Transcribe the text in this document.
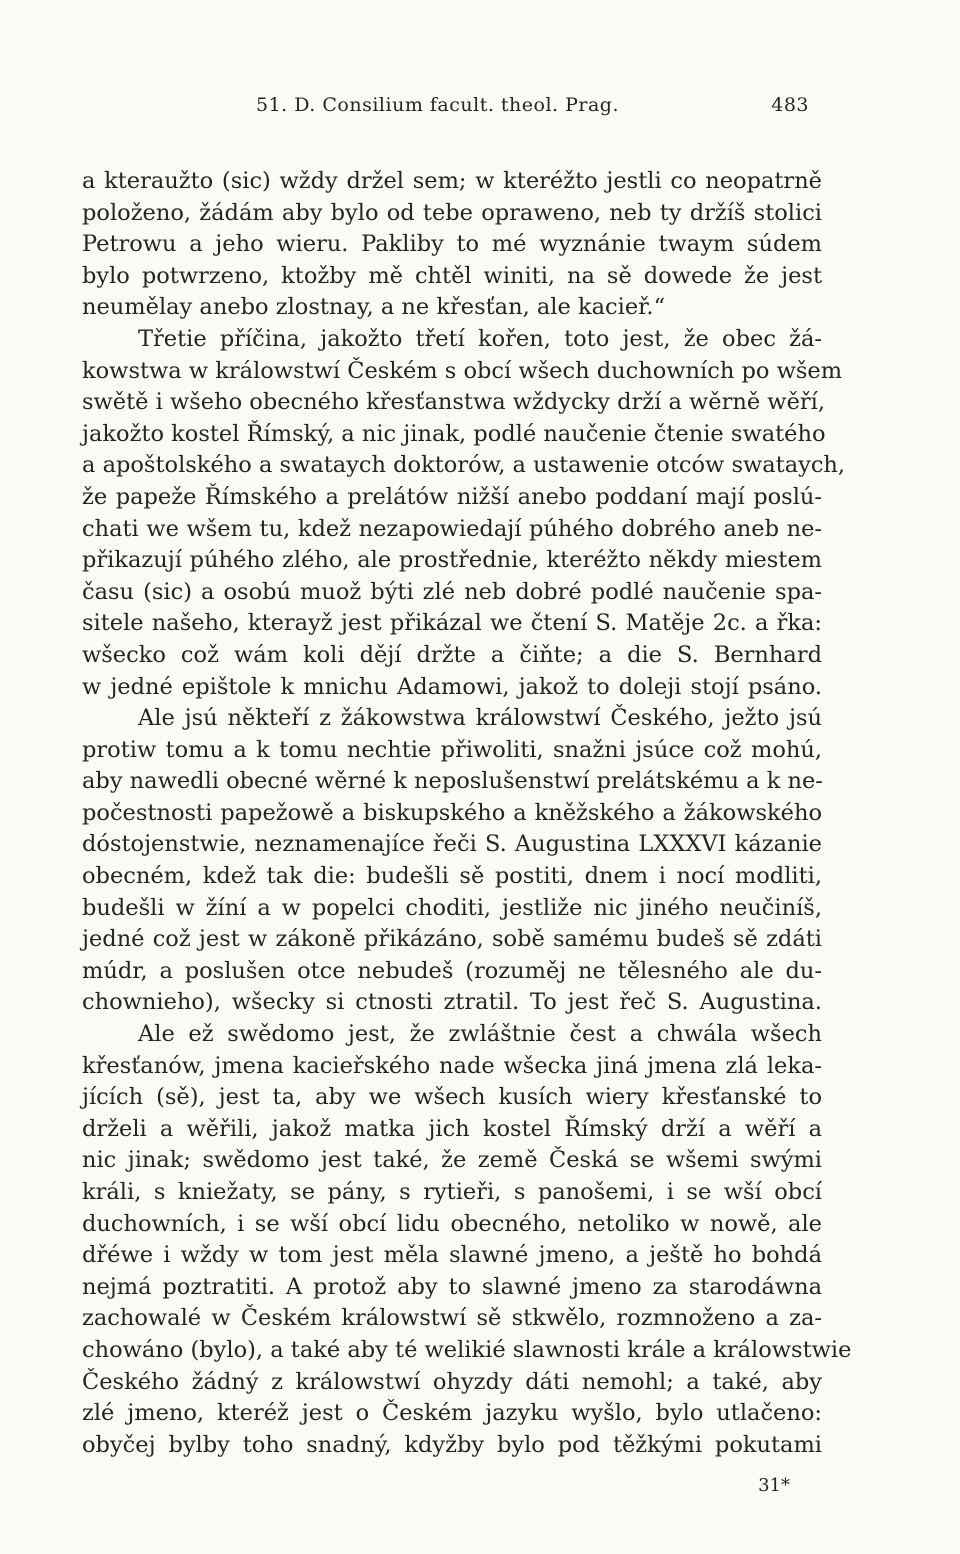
51. D. Consilium facult. theol. Prag.	483
a kteraužto (sic) wždy držel sem; w kteréžto jestli co neopatrně
položeno, žádám aby bylo od tebe opraweno, neb ty držíš stolici
Petrowu a jeho wieru. Pakliby to mé wyznánie twaym súdem
bylo potwrzeno, ktožby mě chtěl winiti, na sě dowede že jest
neumělay anebo zlostnay, a ne křesťan, ale kacieř.“
Třetie příčina, jakožto třetí kořen, toto jest, že obec žá-
kowstwa w králowstwí Českém s obcí wšech duchowních po wšem
swětě i wšeho obecného křesťanstwa wždycky drží a wěrně wěří,
jakožto kostel Římský, a nic jinak, podlé naučenie čtenie swatého
a apoštolského a swataych doktorów, a ustawenie otców swataych,
že papeže Římského a prelátów nižší anebo poddaní mají poslú-
chati we wšem tu, kdež nezapowiedají púhého dobrého aneb ne-
přikazují púhého zlého, ale prostřednie, kteréžto někdy miestem
času (sic) a osobú muož býti zlé neb dobré podlé naučenie spa-
sitele našeho, kterayž jest přikázal we čtení S. Matěje 2c. a řka:
wšecko což wám koli dějí držte a čiňte; a die S. Bernhard
w jedné epištole k mnichu Adamowi, jakož to doleji stojí psáno.
Ale jsú někteří z žákowstwa králowstwí Českého, ježto jsú
protiw tomu a k tomu nechtie přiwoliti, snažni jsúce což mohú,
aby nawedli obecné wěrné k neposlušenstwí prelátskému a k ne-
počestnosti papežowě a biskupského a kněžského a žákowského
dóstojenstwie, neznamenajíce řeči S. Augustina LXXXVI kázanie
obecném, kdež tak die: budešli sě postiti, dnem i nocí modliti,
budešli w žíní a w popelci choditi, jestliže nic jiného neučiníš,
jedné což jest w zákoně přikázáno, sobě samému budeš sě zdáti
múdr, a poslušen otce nebudeš (rozuměj ne tělesného ale du-
chownieho), wšecky si ctnosti ztratil. To jest řeč S. Augustina.
Ale ež swědomo jest, že zwláštnie čest a chwála wšech
křesťanów, jmena kacieřského nade wšecka jiná jmena zlá leka-
jících (sě), jest ta, aby we wšech kusích wiery křesťanské to
drželi a wěřili, jakož matka jich kostel Římský drží a wěří a
nic jinak; swědomo jest také, že země Česká se wšemi swými
králi, s kniežaty, se pány, s rytieři, s panošemi, i se wší obcí
duchowních, i se wší obcí lidu obecného, netoliko w nowě, ale
dřéwe i wždy w tom jest měla slawné jmeno, a ještě ho bohdá
nejmá poztratiti. A protož aby to slawné jmeno za starodáwna
zachowalé w Českém králowstwí sě stkwělo, rozmnoženo a za-
chowáno (bylo), a také aby té welikié slawnosti krále a králowstwie
Českého žádný z králowstwí ohyzdy dáti nemohl; a také, aby
zlé jmeno, kteréž jest o Českém jazyku wyšlo, bylo utlačeno:
obyčej bylby toho snadný, kdyžby bylo pod těžkými pokutami
31*
